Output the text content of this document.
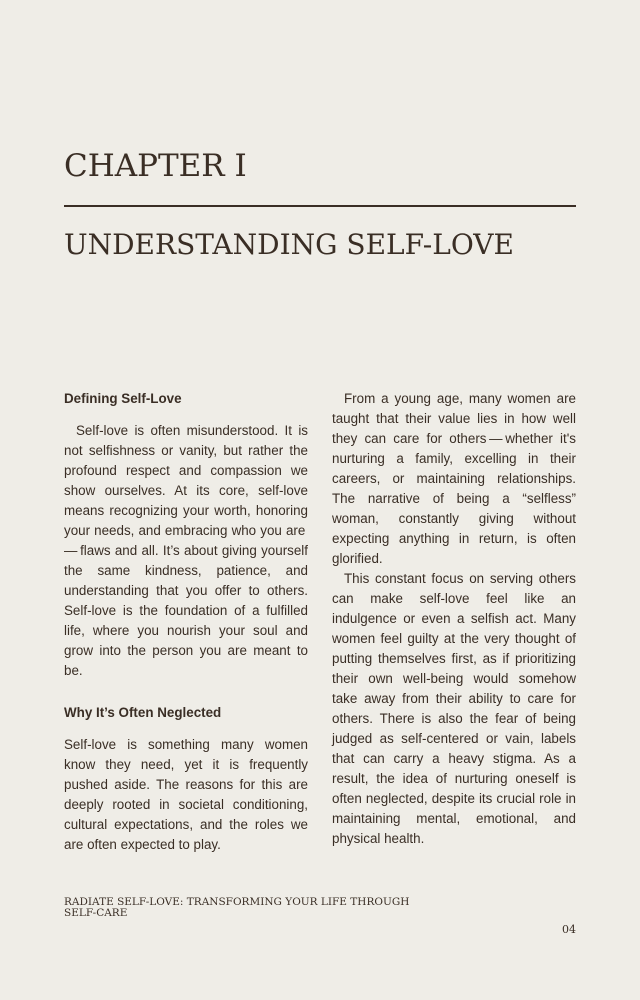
CHAPTER I
UNDERSTANDING SELF-LOVE
Defining Self-Love

Self-love is often misunderstood. It is not selfishness or vanity, but rather the profound respect and compassion we show ourselves. At its core, self-love means recognizing your worth, honoring your needs, and embracing who you are — flaws and all. It’s about giving yourself the same kindness, patience, and understanding that you offer to others. Self-love is the foundation of a fulfilled life, where you nourish your soul and grow into the person you are meant to be.

Why It’s Often Neglected

Self-love is something many women know they need, yet it is frequently pushed aside. The reasons for this are deeply rooted in societal conditioning, cultural expectations, and the roles we are often expected to play.

From a young age, many women are taught that their value lies in how well they can care for others — whether it's nurturing a family, excelling in their careers, or maintaining relationships. The narrative of being a “selfless” woman, constantly giving without expecting anything in return, is often glorified.

This constant focus on serving others can make self-love feel like an indulgence or even a selfish act. Many women feel guilty at the very thought of putting themselves first, as if prioritizing their own well-being would somehow take away from their ability to care for others. There is also the fear of being judged as self-centered or vain, labels that can carry a heavy stigma. As a result, the idea of nurturing oneself is often neglected, despite its crucial role in maintaining mental, emotional, and physical health.

RADIATE SELF-LOVE: TRANSFORMING YOUR LIFE THROUGH SELF-CARE
04
